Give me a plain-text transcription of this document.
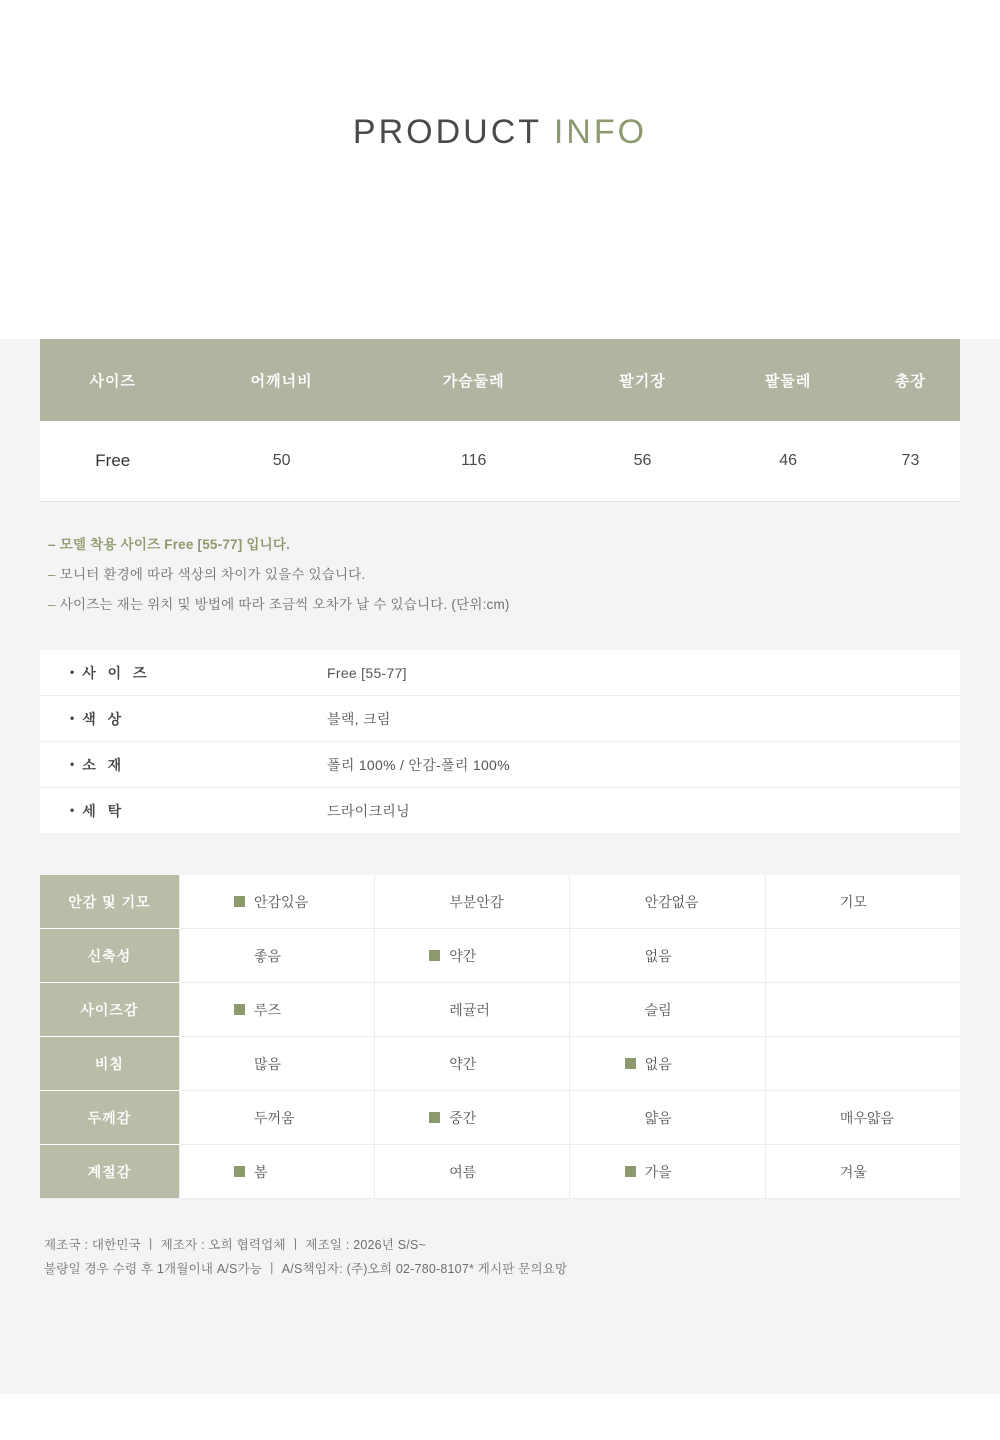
PRODUCT INFO
사이즈	어깨너비	가슴둘레	팔기장	팔둘레	총장
Free	50	116	56	46	73
– 모델 착용 사이즈 Free [55-77] 입니다.
– 모니터 환경에 따라 색상의 차이가 있을수 있습니다.
– 사이즈는 재는 위치 및 방법에 따라 조금씩 오차가 날 수 있습니다. (단위:cm)
• 사 이 즈	Free [55-77]
• 색 상	블랙, 크림
• 소 재	폴리 100% / 안감-폴리 100%
• 세 탁	드라이크리닝
안감 및 기모	안감있음	부분안감	안감없음	기모

신축성	좋음	약간	없음	

사이즈감	루즈	레귤러	슬림	

비침	많음	약간	없음	

두께감	두꺼움	중간	얇음	매우얇음

계절감	봄	여름	가을	겨울
제조국 : 대한민국 ㅣ 제조자 : 오희 협력업체 ㅣ 제조일 : 2026년 S/S~
불량일 경우 수령 후 1개월이내 A/S가능 ㅣ A/S책임자: (주)오희 02-780-8107* 게시판 문의요망
